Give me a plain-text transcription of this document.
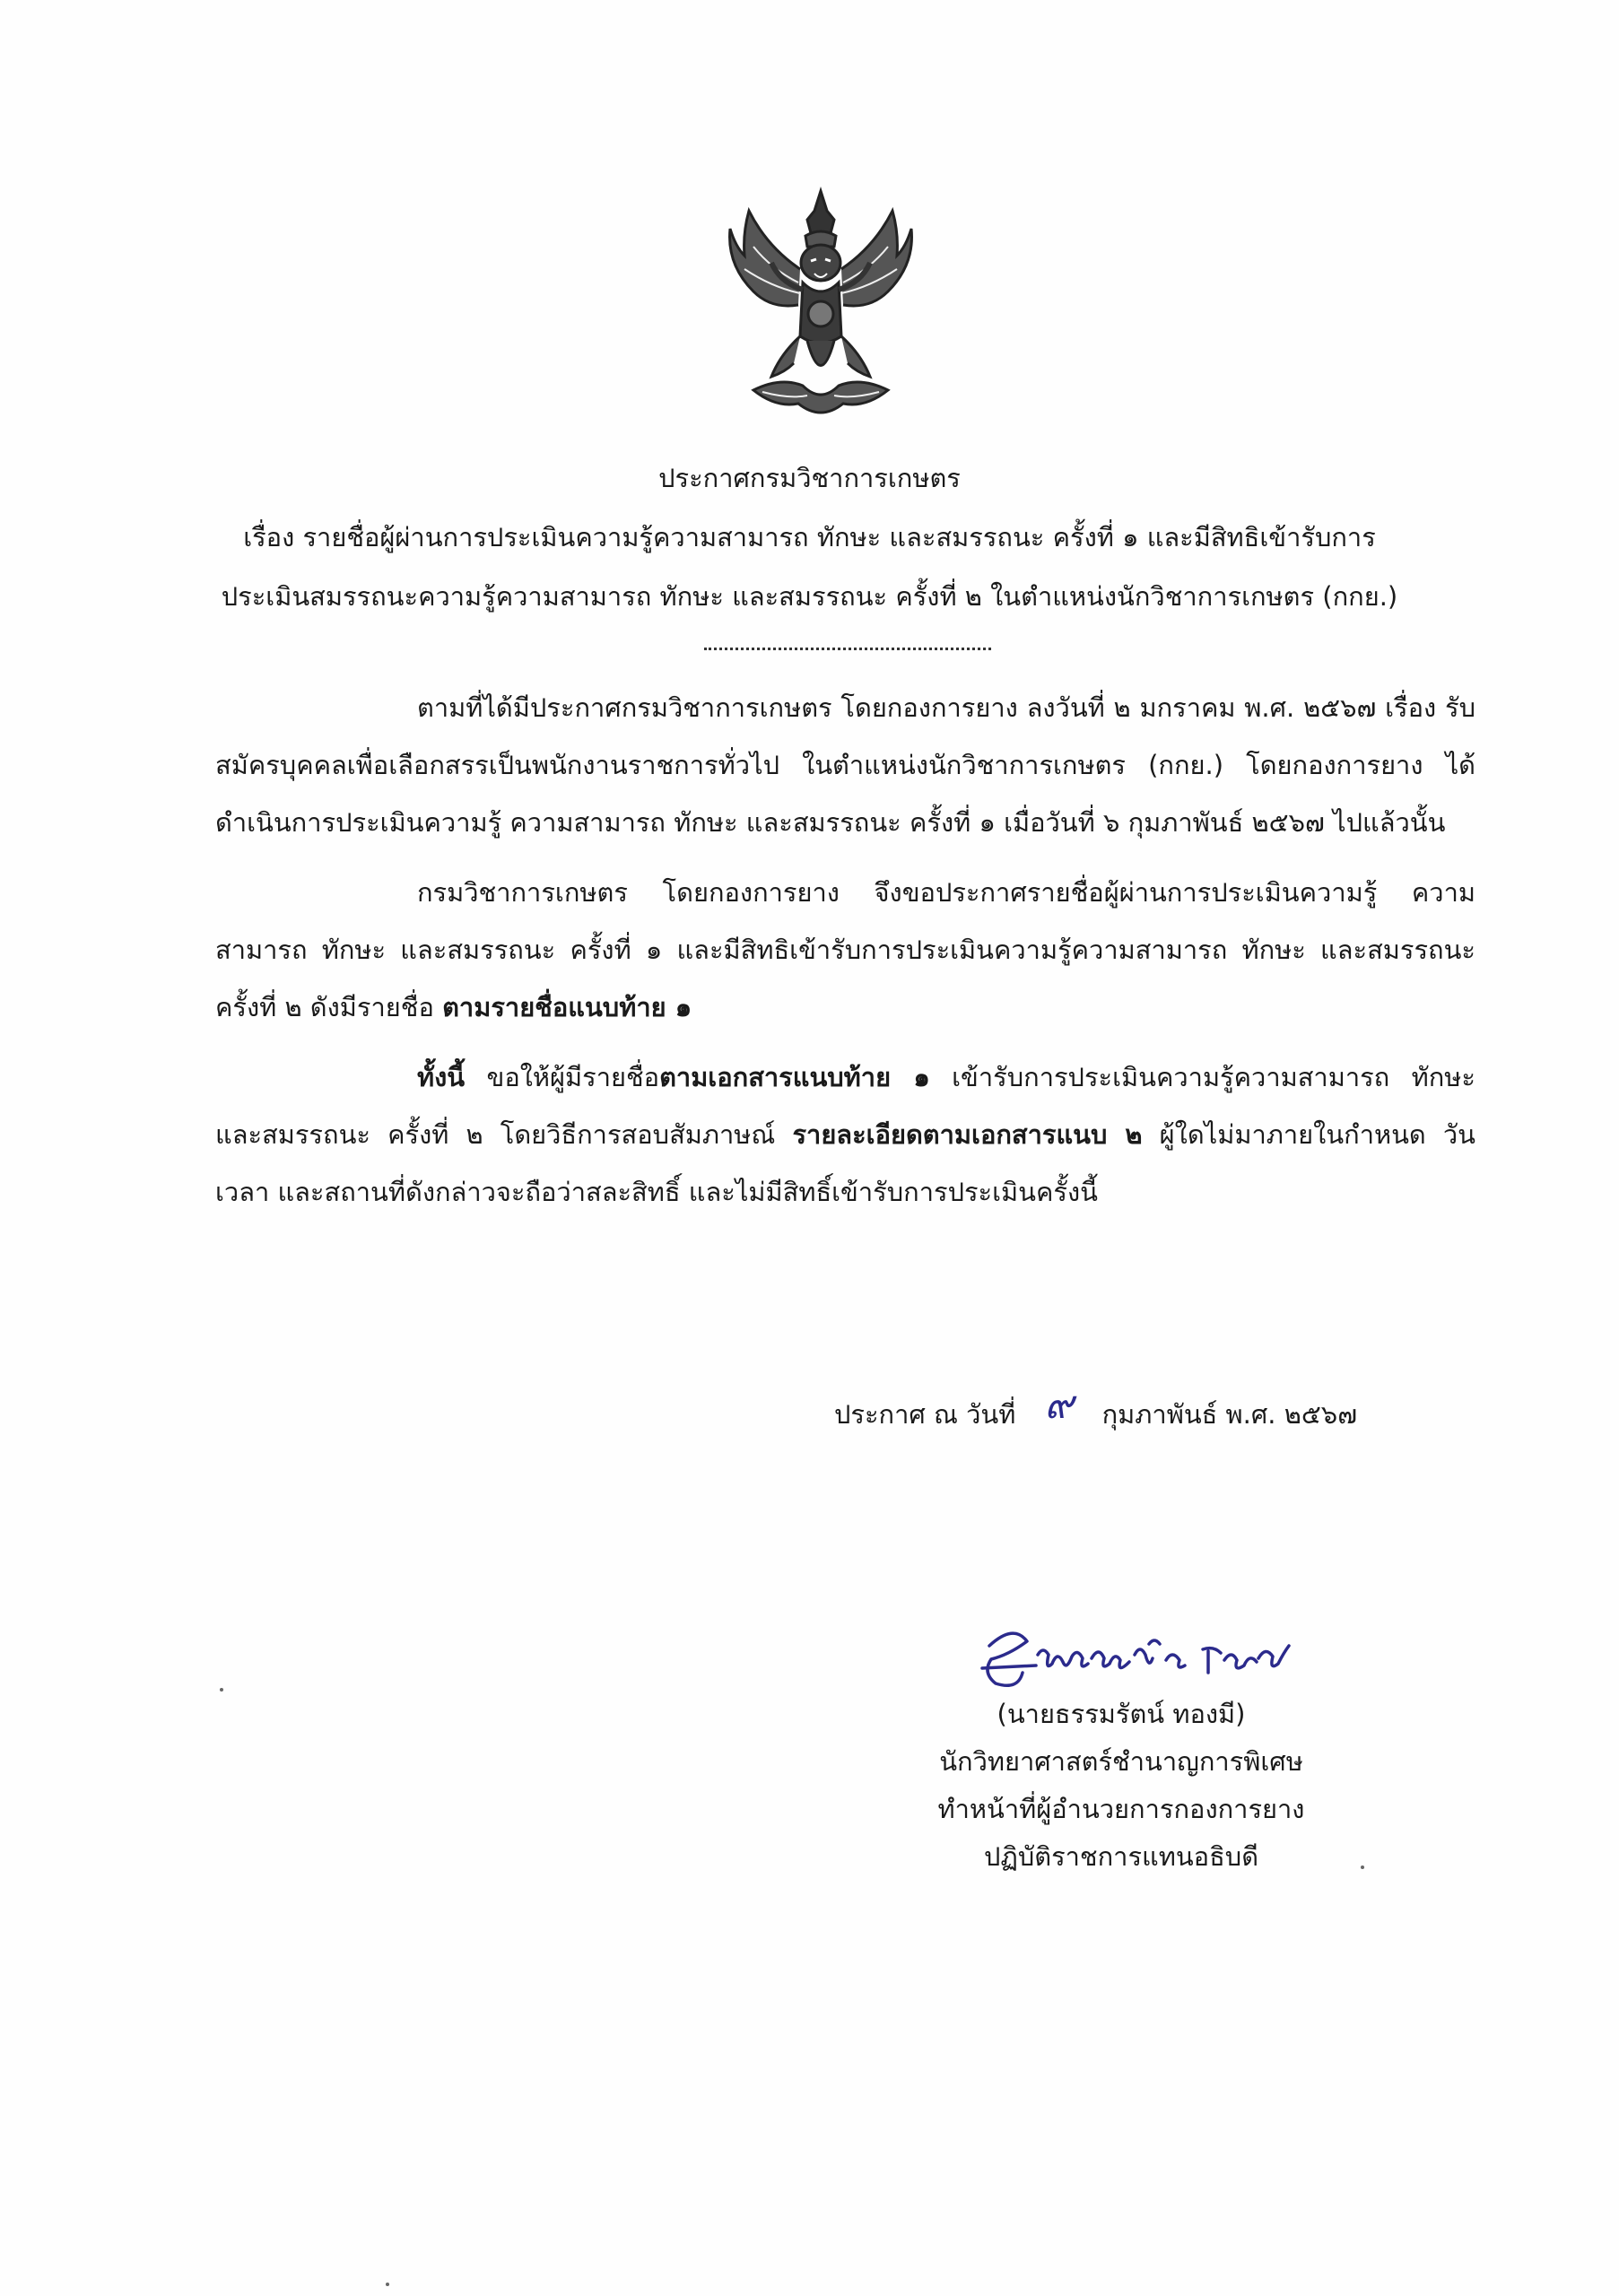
ประกาศกรมวิชาการเกษตร
เรื่อง รายชื่อผู้ผ่านการประเมินความรู้ความสามารถ ทักษะ และสมรรถนะ ครั้งที่ ๑ และมีสิทธิเข้ารับการ
ประเมินสมรรถนะความรู้ความสามารถ ทักษะ และสมรรถนะ ครั้งที่ ๒ ในตำแหน่งนักวิชาการเกษตร (กกย.)

ตามที่ได้มีประกาศกรมวิชาการเกษตร โดยกองการยาง ลงวันที่ ๒ มกราคม พ.ศ. ๒๕๖๗ เรื่อง รับสมัครบุคคลเพื่อเลือกสรรเป็นพนักงานราชการทั่วไป ในตำแหน่งนักวิชาการเกษตร (กกย.) โดยกองการยาง ได้ดำเนินการประเมินความรู้ ความสามารถ ทักษะ และสมรรถนะ ครั้งที่ ๑ เมื่อวันที่ ๖ กุมภาพันธ์ ๒๕๖๗ ไปแล้วนั้น

กรมวิชาการเกษตร โดยกองการยาง จึงขอประกาศรายชื่อผู้ผ่านการประเมินความรู้ ความสามารถ ทักษะ และสมรรถนะ ครั้งที่ ๑ และมีสิทธิเข้ารับการประเมินความรู้ความสามารถ ทักษะ และสมรรถนะ ครั้งที่ ๒ ดังมีรายชื่อ ตามรายชื่อแนบท้าย ๑

ทั้งนี้ ขอให้ผู้มีรายชื่อตามเอกสารแนบท้าย ๑ เข้ารับการประเมินความรู้ความสามารถ ทักษะ และสมรรถนะ ครั้งที่ ๒ โดยวิธีการสอบสัมภาษณ์ รายละเอียดตามเอกสารแนบ ๒ ผู้ใดไม่มาภายในกำหนด วัน เวลา และสถานที่ดังกล่าวจะถือว่าสละสิทธิ์ และไม่มีสิทธิ์เข้ารับการประเมินครั้งนี้

ประกาศ ณ วันที่ ๙ กุมภาพันธ์ พ.ศ. ๒๕๖๗
(นายธรรมรัตน์ ทองมี)
นักวิทยาศาสตร์ชำนาญการพิเศษ
ทำหน้าที่ผู้อำนวยการกองการยาง
ปฏิบัติราชการแทนอธิบดี
